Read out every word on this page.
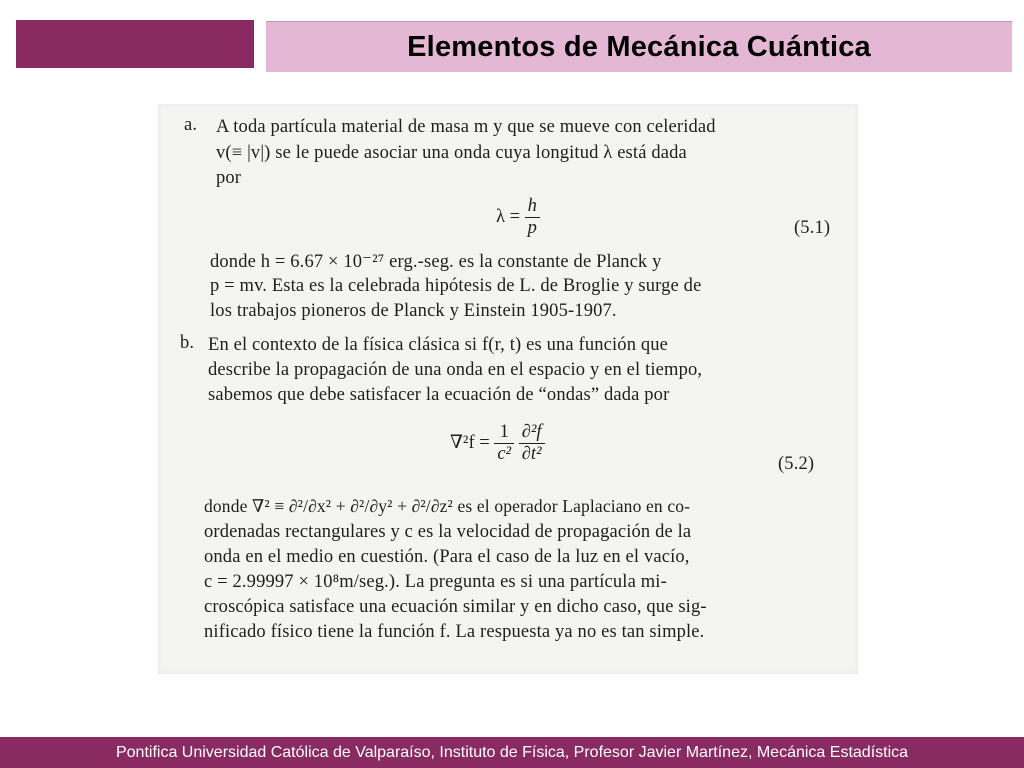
Elementos de Mecánica Cuántica
a. A toda partícula material de masa m y que se mueve con celeridad
v(≡ |v|) se le puede asociar una onda cuya longitud λ está dada
por
$\lambda = \frac{h}{p}$	(5.1)
donde h = 6.67 × 10⁻²⁷ erg.-seg. es la constante de Planck y
p = mv. Esta es la celebrada hipótesis de L. de Broglie y surge de
los trabajos pioneros de Planck y Einstein 1905-1907.
b. En el contexto de la física clásica si f(r, t) es una función que
describe la propagación de una onda en el espacio y en el tiempo,
sabemos que debe satisfacer la ecuación de “ondas” dada por
$\nabla^2f = \frac{1}{\text{c²}}$
$\frac{\text{∂²f}}{\text{∂t²}}$	(5.2)
donde ∇² ≡ ∂²/∂x² + ∂²/∂y² + ∂²/∂z² es el operador Laplaciano en co-
ordenadas rectangulares y c es la velocidad de propagación de la
onda en el medio en cuestión. (Para el caso de la luz en el vacío,
c = 2.99997 × 10⁸m/seg.). La pregunta es si una partícula mi-
croscópica satisface una ecuación similar y en dicho caso, que sig-
nificado físico tiene la función f. La respuesta ya no es tan simple.
Pontifica Universidad Católica de Valparaíso, Instituto de Física, Profesor Javier Martínez, Mecánica Estadística
